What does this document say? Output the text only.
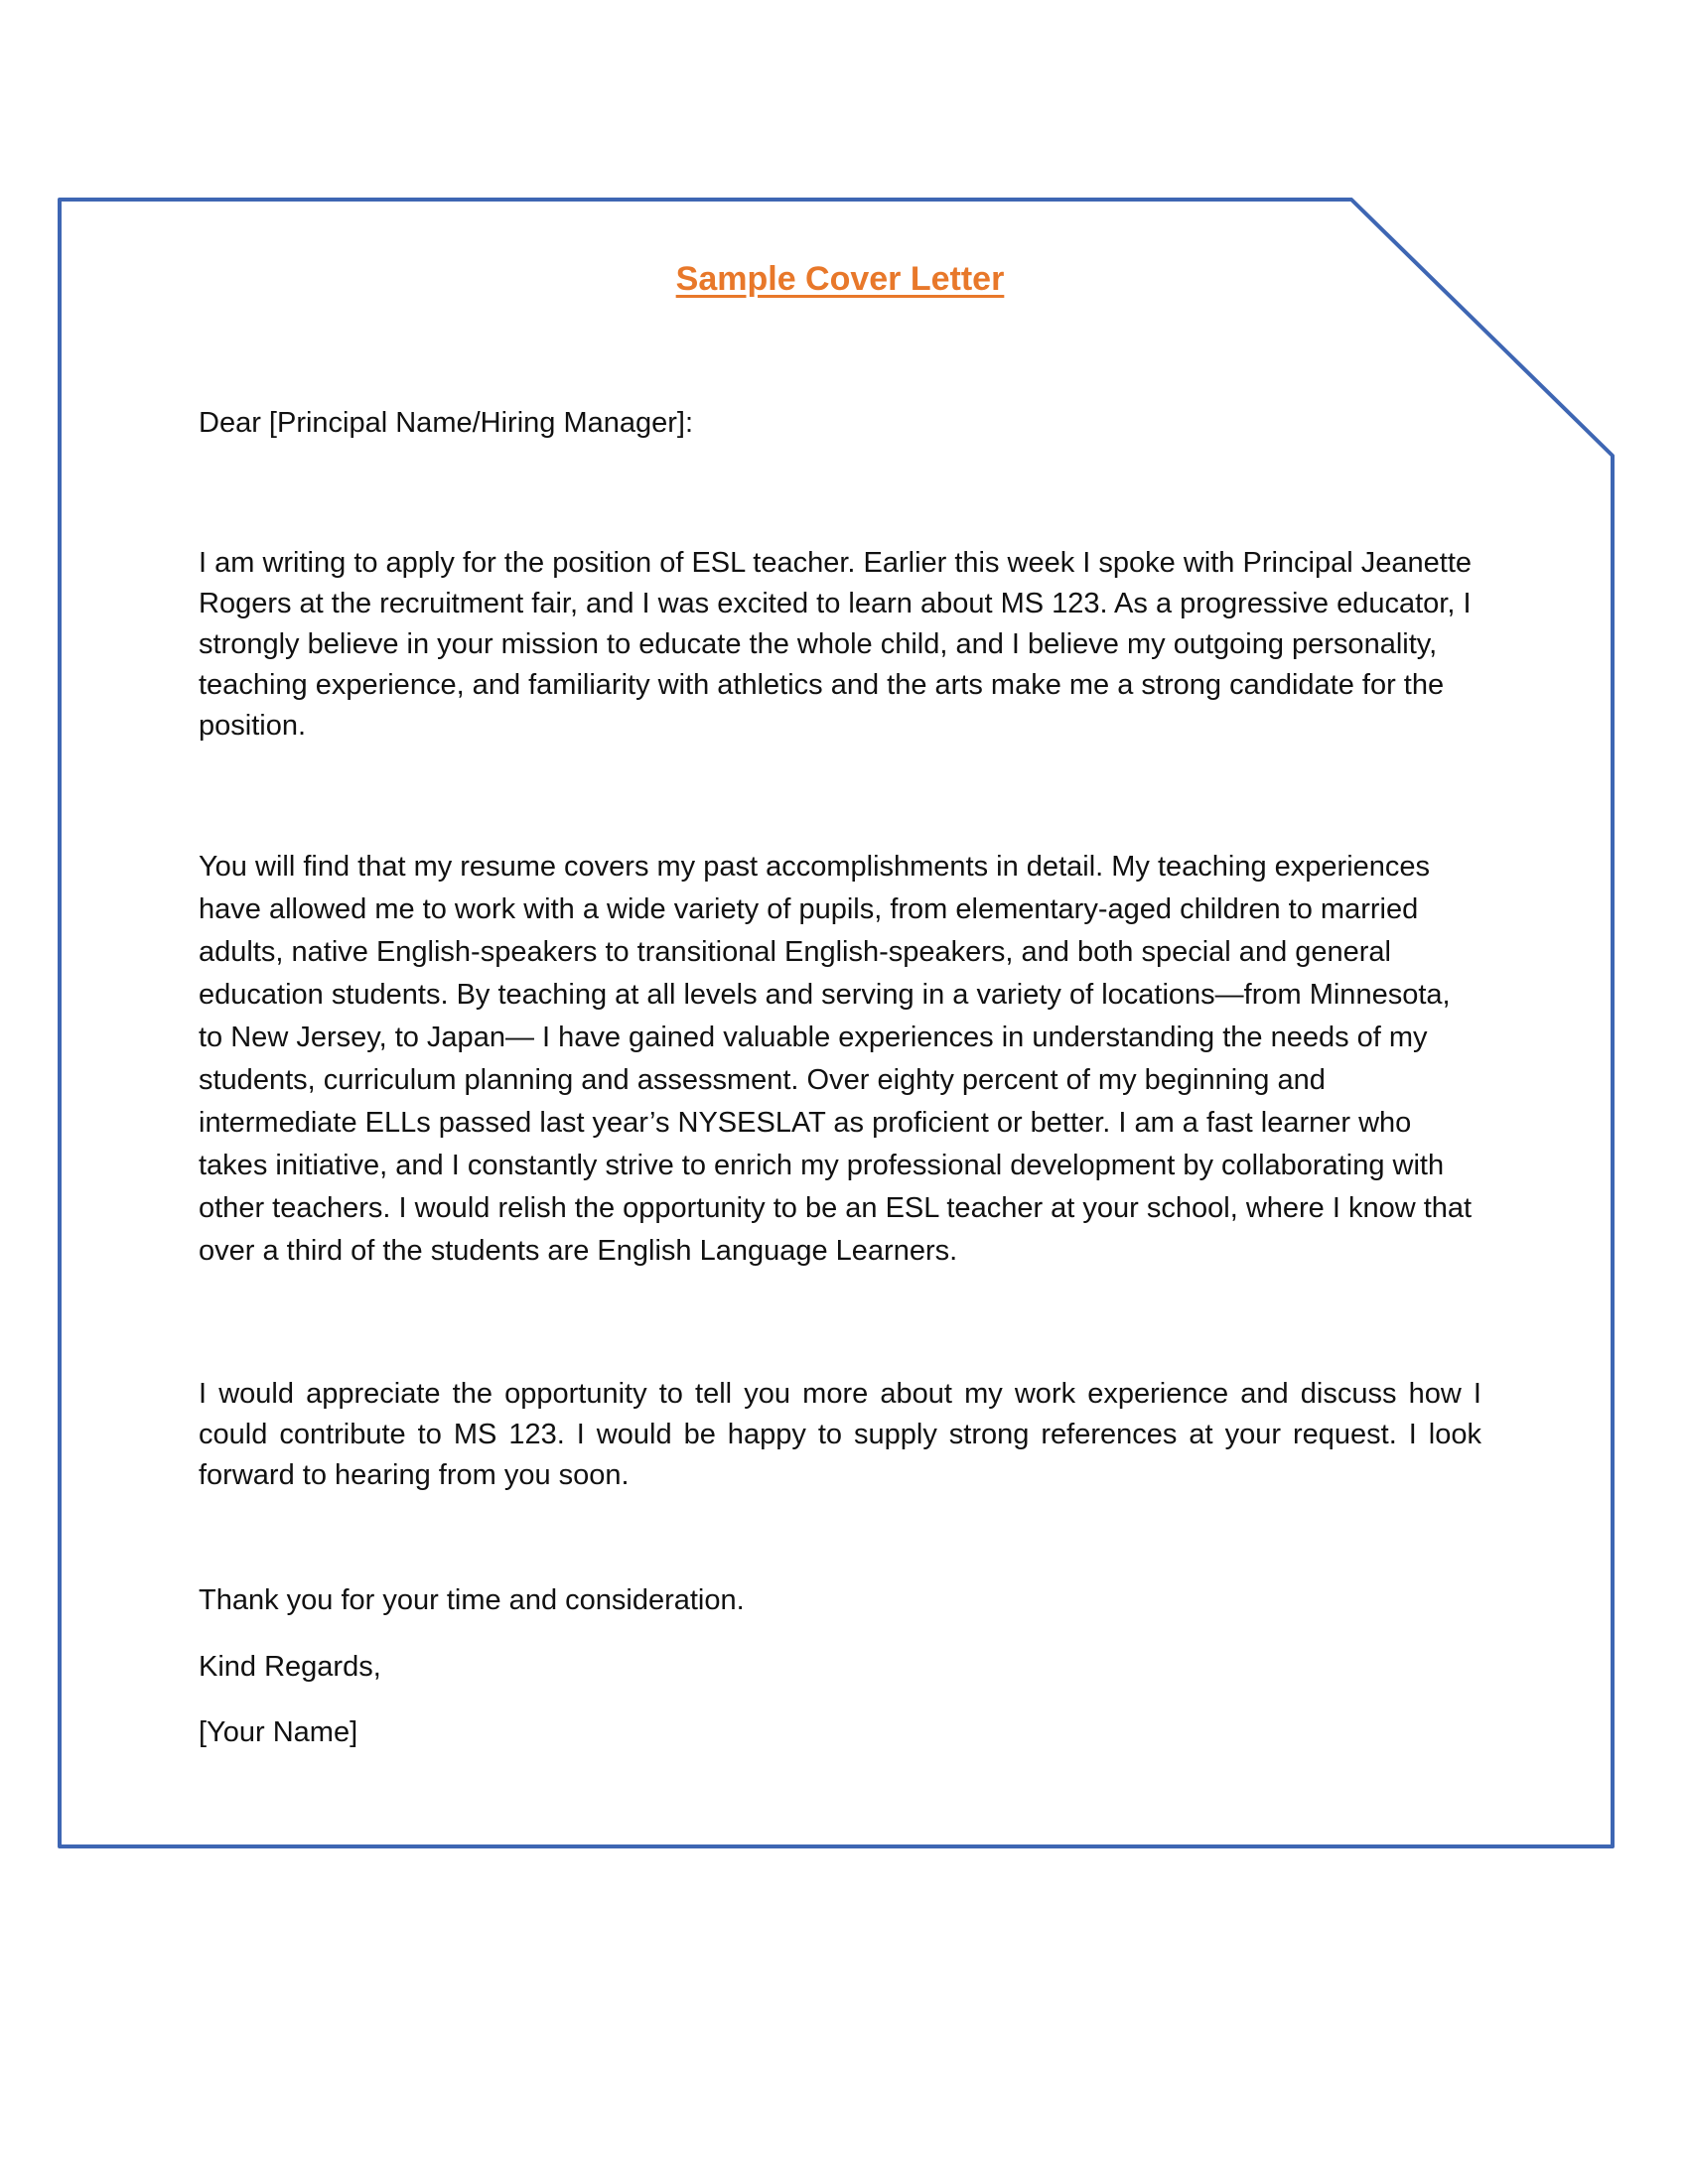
Sample Cover Letter

Dear [Principal Name/Hiring Manager]:

I am writing to apply for the position of ESL teacher. Earlier this week I spoke with Principal Jeanette Rogers at the recruitment fair, and I was excited to learn about MS 123. As a progressive educator, I strongly believe in your mission to educate the whole child, and I believe my outgoing personality, teaching experience, and familiarity with athletics and the arts make me a strong candidate for the position.

You will find that my resume covers my past accomplishments in detail. My teaching experiences have allowed me to work with a wide variety of pupils, from elementary-aged children to married adults, native English-speakers to transitional English-speakers, and both special and general education students. By teaching at all levels and serving in a variety of locations—from Minnesota, to New Jersey, to Japan— I have gained valuable experiences in understanding the needs of my students, curriculum planning and assessment. Over eighty percent of my beginning and intermediate ELLs passed last year’s NYSESLAT as proficient or better. I am a fast learner who takes initiative, and I constantly strive to enrich my professional development by collaborating with other teachers. I would relish the opportunity to be an ESL teacher at your school, where I know that over a third of the students are English Language Learners.

I would appreciate the opportunity to tell you more about my work experience and discuss how I could contribute to MS 123. I would be happy to supply strong references at your request. I look forward to hearing from you soon.

Thank you for your time and consideration.

Kind Regards,

[Your Name]
